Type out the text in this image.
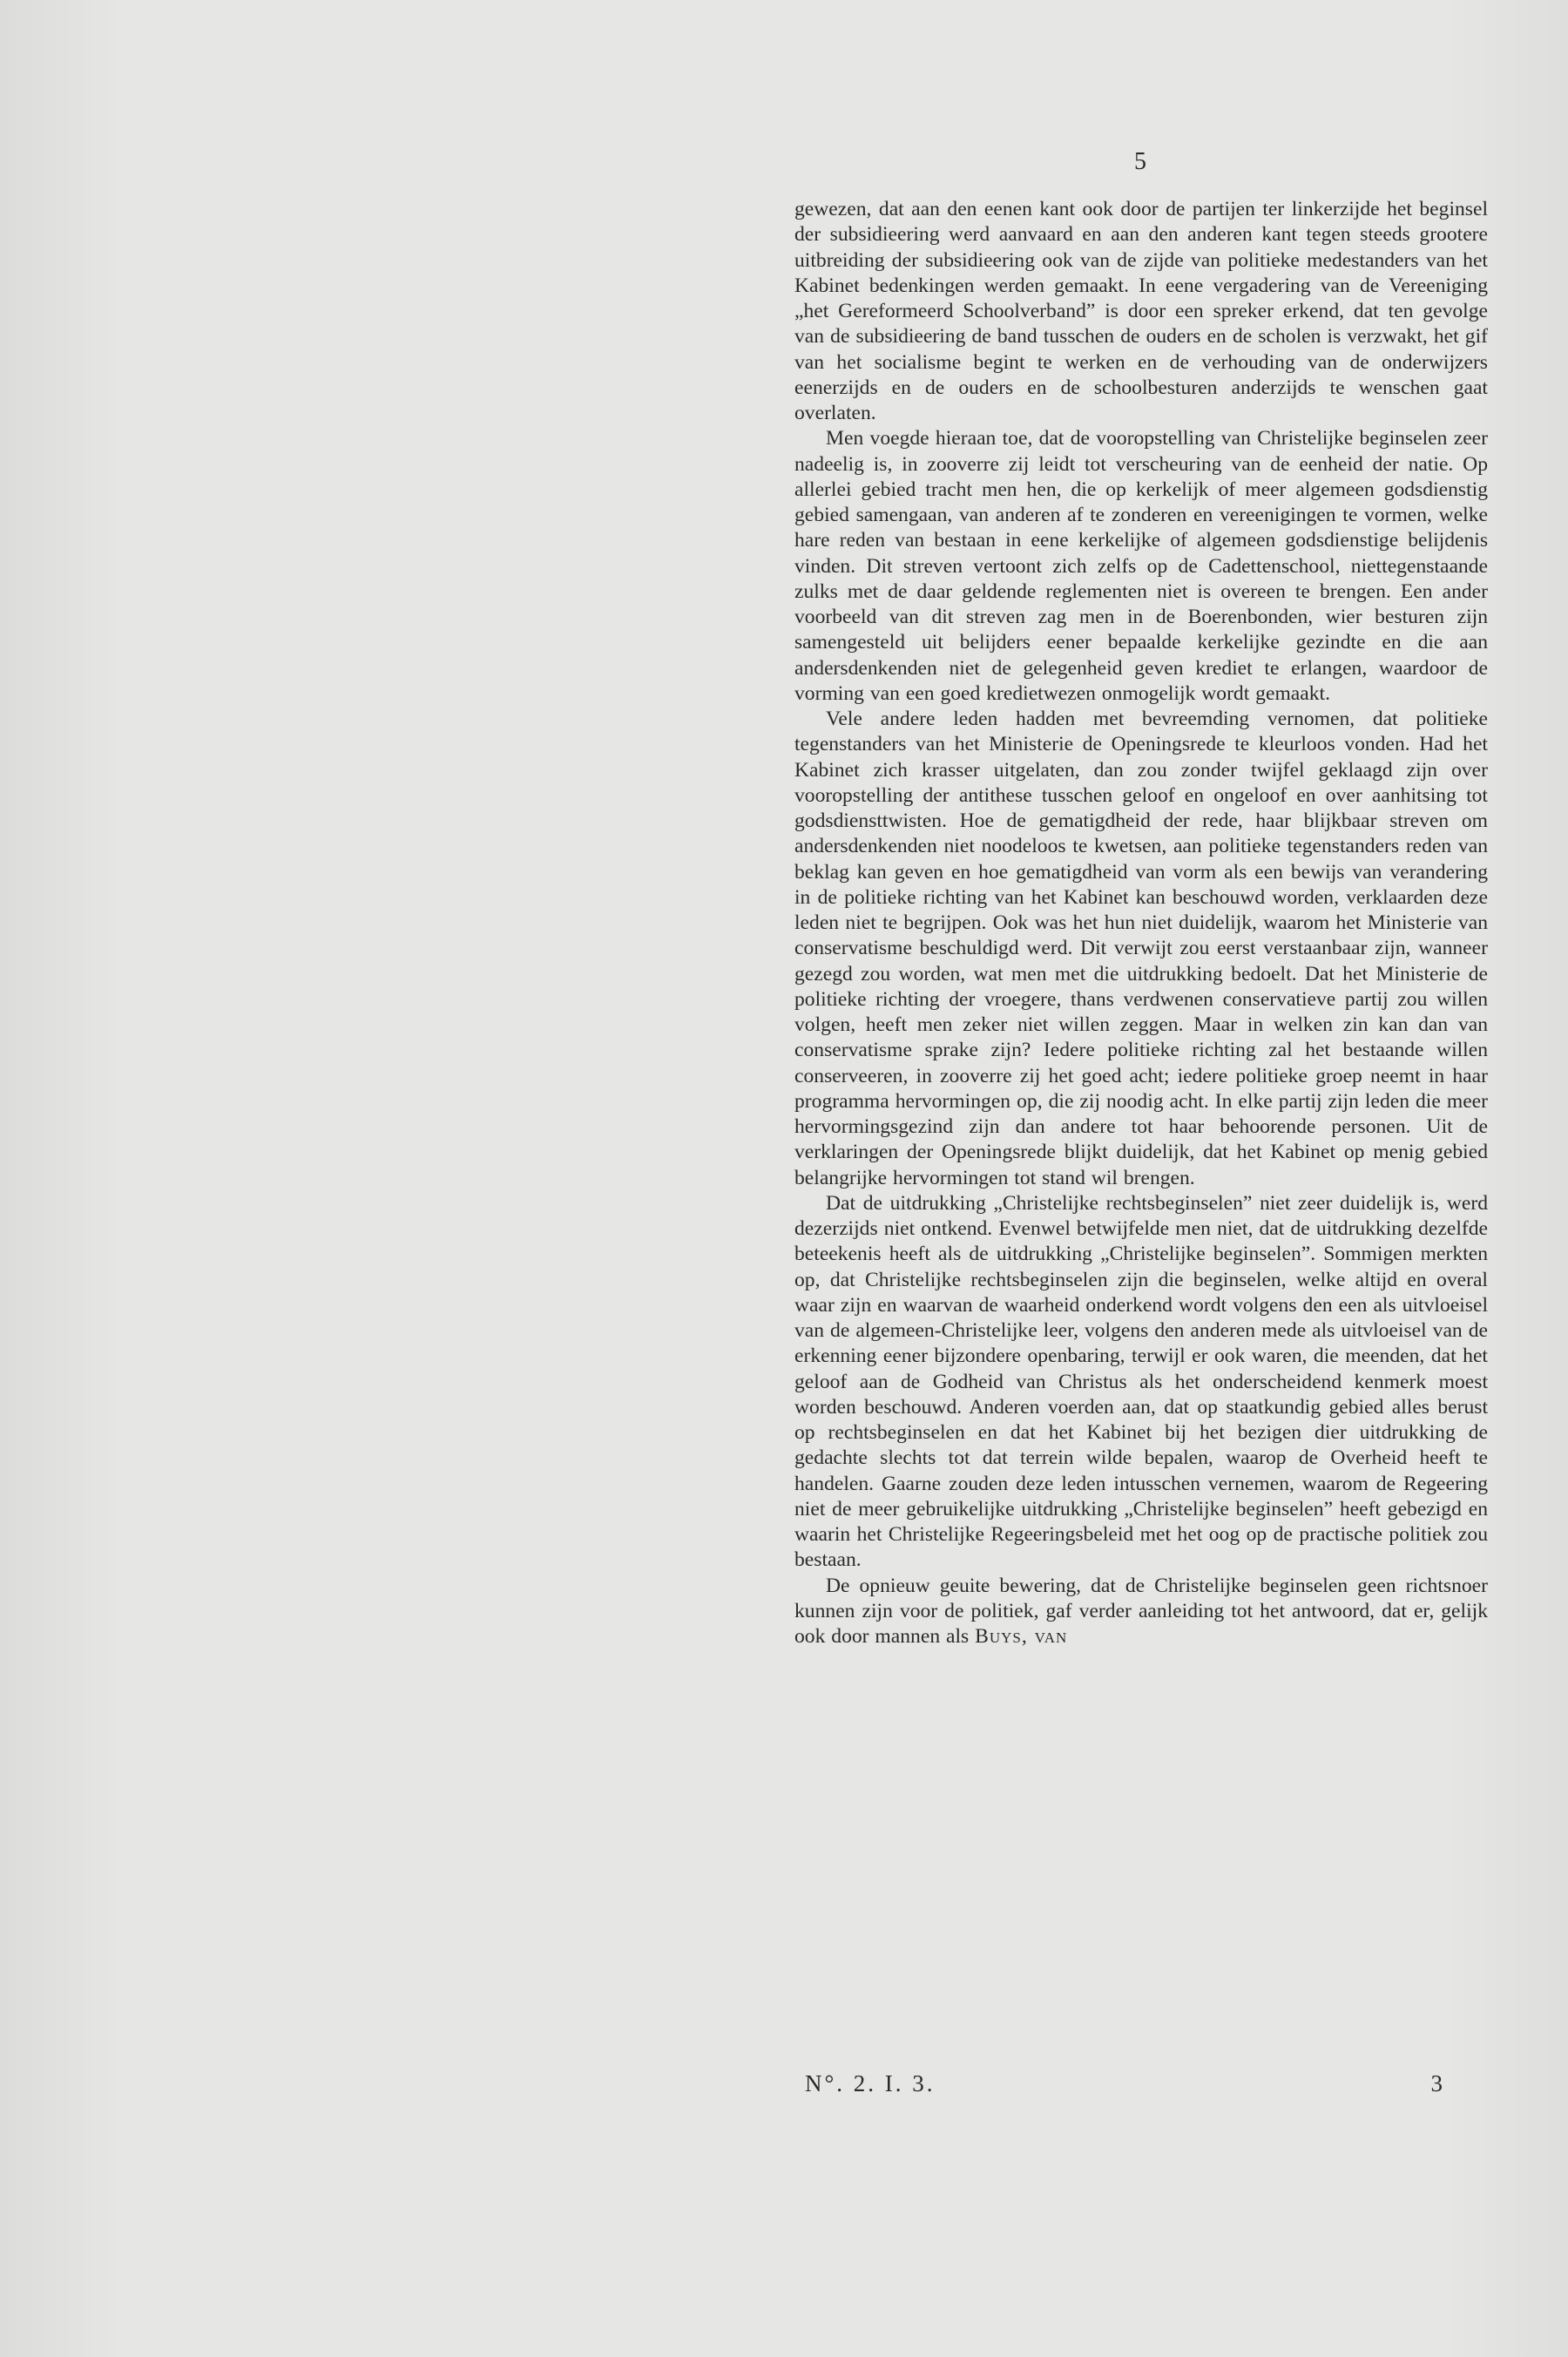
5

gewezen, dat aan den eenen kant ook door de partijen ter linkerzijde het beginsel der subsidieering werd aanvaard en aan den anderen kant tegen steeds grootere uitbreiding der subsidieering ook van de zijde van politieke medestanders van het Kabinet bedenkingen werden gemaakt. In eene vergadering van de Vereeniging „het Gereformeerd Schoolverband” is door een spreker erkend, dat ten gevolge van de subsidieering de band tusschen de ouders en de scholen is verzwakt, het gif van het socialisme begint te werken en de verhouding van de onderwijzers eenerzijds en de ouders en de schoolbesturen anderzijds te wenschen gaat overlaten.

Men voegde hieraan toe, dat de vooropstelling van Christelijke beginselen zeer nadeelig is, in zooverre zij leidt tot verscheuring van de eenheid der natie. Op allerlei gebied tracht men hen, die op kerkelijk of meer algemeen godsdienstig gebied samengaan, van anderen af te zonderen en vereenigingen te vormen, welke hare reden van bestaan in eene kerkelijke of algemeen godsdienstige belijdenis vinden. Dit streven vertoont zich zelfs op de Cadettenschool, niettegenstaande zulks met de daar geldende reglementen niet is overeen te brengen. Een ander voorbeeld van dit streven zag men in de Boerenbonden, wier besturen zijn samengesteld uit belijders eener bepaalde kerkelijke gezindte en die aan andersdenkenden niet de gelegenheid geven krediet te erlangen, waardoor de vorming van een goed kredietwezen onmogelijk wordt gemaakt.

Vele andere leden hadden met bevreemding vernomen, dat politieke tegenstanders van het Ministerie de Openingsrede te kleurloos vonden. Had het Kabinet zich krasser uitgelaten, dan zou zonder twijfel geklaagd zijn over vooropstelling der antithese tusschen geloof en ongeloof en over aanhitsing tot godsdiensttwisten. Hoe de gematigdheid der rede, haar blijkbaar streven om andersdenkenden niet noodeloos te kwetsen, aan politieke tegenstanders reden van beklag kan geven en hoe gematigdheid van vorm als een bewijs van verandering in de politieke richting van het Kabinet kan beschouwd worden, verklaarden deze leden niet te begrijpen. Ook was het hun niet duidelijk, waarom het Ministerie van conservatisme beschuldigd werd. Dit verwijt zou eerst verstaanbaar zijn, wanneer gezegd zou worden, wat men met die uitdrukking bedoelt. Dat het Ministerie de politieke richting der vroegere, thans verdwenen conservatieve partij zou willen volgen, heeft men zeker niet willen zeggen. Maar in welken zin kan dan van conservatisme sprake zijn? Iedere politieke richting zal het bestaande willen conserveeren, in zooverre zij het goed acht; iedere politieke groep neemt in haar programma hervormingen op, die zij noodig acht. In elke partij zijn leden die meer hervormingsgezind zijn dan andere tot haar behoorende personen. Uit de verklaringen der Openingsrede blijkt duidelijk, dat het Kabinet op menig gebied belangrijke hervormingen tot stand wil brengen.

Dat de uitdrukking „Christelijke rechtsbeginselen” niet zeer duidelijk is, werd dezerzijds niet ontkend. Evenwel betwijfelde men niet, dat de uitdrukking dezelfde beteekenis heeft als de uitdrukking „Christelijke beginselen”. Sommigen merkten op, dat Christelijke rechtsbeginselen zijn die beginselen, welke altijd en overal waar zijn en waarvan de waarheid onderkend wordt volgens den een als uitvloeisel van de algemeen-Christelijke leer, volgens den anderen mede als uitvloeisel van de erkenning eener bijzondere openbaring, terwijl er ook waren, die meenden, dat het geloof aan de Godheid van Christus als het onderscheidend kenmerk moest worden beschouwd. Anderen voerden aan, dat op staatkundig gebied alles berust op rechtsbeginselen en dat het Kabinet bij het bezigen dier uitdrukking de gedachte slechts tot dat terrein wilde bepalen, waarop de Overheid heeft te handelen. Gaarne zouden deze leden intusschen vernemen, waarom de Regeering niet de meer gebruikelijke uitdrukking „Christelijke beginselen” heeft gebezigd en waarin het Christelijke Regeeringsbeleid met het oog op de practische politiek zou bestaan.

De opnieuw geuite bewering, dat de Christelijke beginselen geen richtsnoer kunnen zijn voor de politiek, gaf verder aanleiding tot het antwoord, dat er, gelijk ook door mannen als Buys, van

N°. 2. I. 3.	3
